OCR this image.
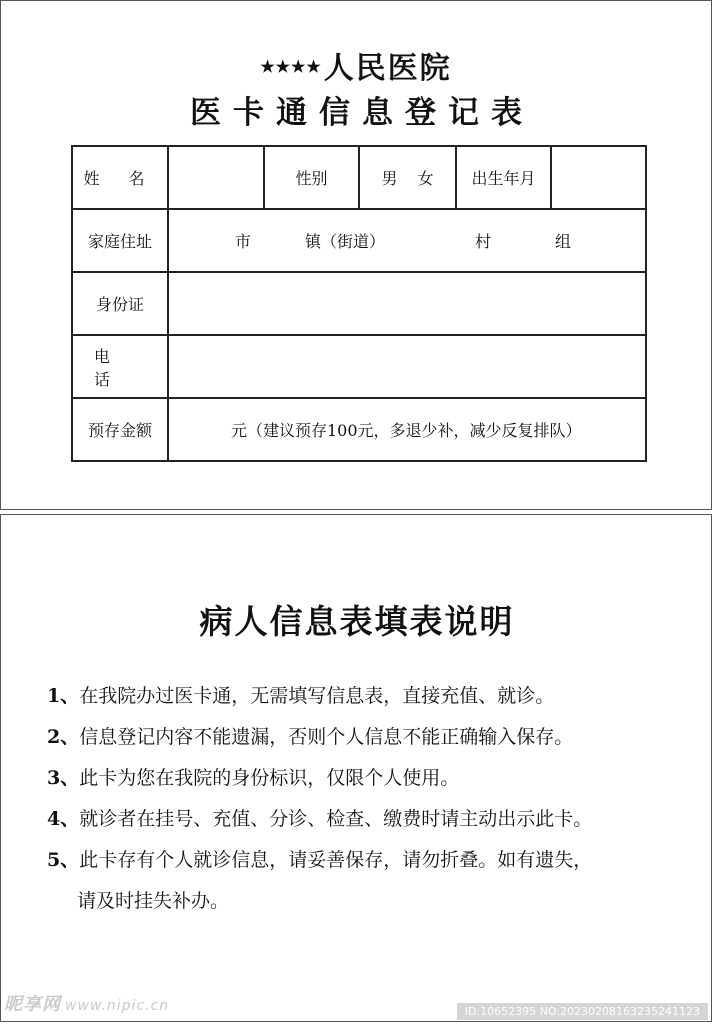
★★★★人民医院
医卡通信息登记表
姓 名		性别	男 女	出生年月	
家庭住址	市 镇（街道） 村 组				
身份证					
电 话					
预存金额	元（建议预存100元，多退少补，减少反复排队）				
病人信息表填表说明
1、在我院办过医卡通，无需填写信息表，直接充值、就诊。
2、信息登记内容不能遗漏，否则个人信息不能正确输入保存。
3、此卡为您在我院的身份标识，仅限个人使用。
4、就诊者在挂号、充值、分诊、检查、缴费时请主动出示此卡。
5、此卡存有个人就诊信息，请妥善保存，请勿折叠。如有遗失，
请及时挂失补办。
昵享网 www.nipic.cn	ID:10652395 NO:20230208163235241123
